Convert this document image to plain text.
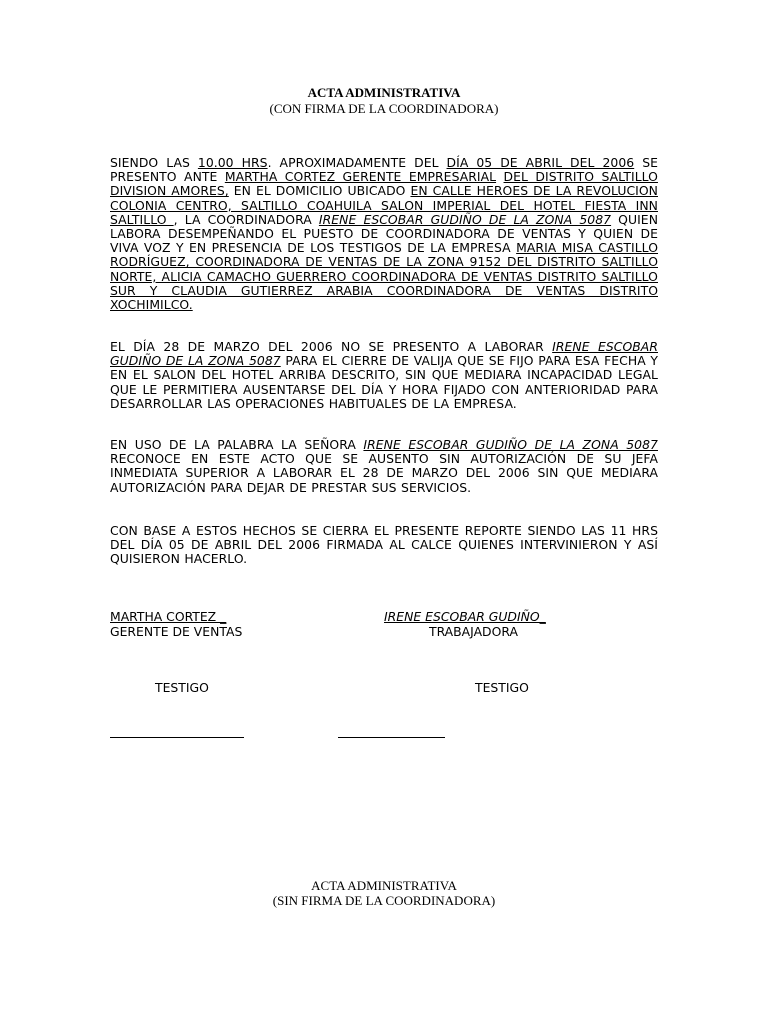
ACTA ADMINISTRATIVA
(CON FIRMA DE LA COORDINADORA)
SIENDO LAS 10.00 HRS. APROXIMADAMENTE DEL DÍA 05 DE ABRIL DEL 2006 SE PRESENTO ANTE MARTHA CORTEZ GERENTE EMPRESARIAL DEL DISTRITO SALTILLO DIVISION AMORES, EN EL DOMICILIO UBICADO EN CALLE HEROES DE LA REVOLUCION COLONIA CENTRO, SALTILLO COAHUILA SALON IMPERIAL DEL HOTEL FIESTA INN SALTILLO , LA COORDINADORA IRENE ESCOBAR GUDIÑO DE LA ZONA 5087 QUIEN LABORA DESEMPEÑANDO EL PUESTO DE COORDINADORA DE VENTAS Y QUIEN DE VIVA VOZ Y EN PRESENCIA DE LOS TESTIGOS DE LA EMPRESA MARIA MISA CASTILLO RODRÍGUEZ, COORDINADORA DE VENTAS DE LA ZONA 9152 DEL DISTRITO SALTILLO NORTE, ALICIA CAMACHO GUERRERO COORDINADORA DE VENTAS DISTRITO SALTILLO SUR Y CLAUDIA GUTIERREZ ARABIA COORDINADORA DE VENTAS DISTRITO XOCHIMILCO.
EL DÍA 28 DE MARZO DEL 2006 NO SE PRESENTO A LABORAR IRENE ESCOBAR GUDIÑO DE LA ZONA 5087 PARA EL CIERRE DE VALIJA QUE SE FIJO PARA ESA FECHA Y EN EL SALON DEL HOTEL ARRIBA DESCRITO, SIN QUE MEDIARA INCAPACIDAD LEGAL QUE LE PERMITIERA AUSENTARSE DEL DÍA Y HORA FIJADO CON ANTERIORIDAD PARA DESARROLLAR LAS OPERACIONES HABITUALES DE LA EMPRESA.
EN USO DE LA PALABRA LA SEÑORA IRENE ESCOBAR GUDIÑO DE LA ZONA 5087 RECONOCE EN ESTE ACTO QUE SE AUSENTO SIN AUTORIZACIÓN DE SU JEFA INMEDIATA SUPERIOR A LABORAR EL 28 DE MARZO DEL 2006 SIN QUE MEDIARA AUTORIZACIÓN PARA DEJAR DE PRESTAR SUS SERVICIOS.
CON BASE A ESTOS HECHOS SE CIERRA EL PRESENTE REPORTE SIENDO LAS 11 HRS DEL DÍA 05 DE ABRIL DEL 2006 FIRMADA AL CALCE QUIENES INTERVINIERON Y ASÍ QUISIERON HACERLO.
MARTHA CORTEZ _
GERENTE DE VENTAS
IRENE ESCOBAR GUDIÑO_
TRABAJADORA
TESTIGO	TESTIGO
ACTA ADMINISTRATIVA
(SIN FIRMA DE LA COORDINADORA)
